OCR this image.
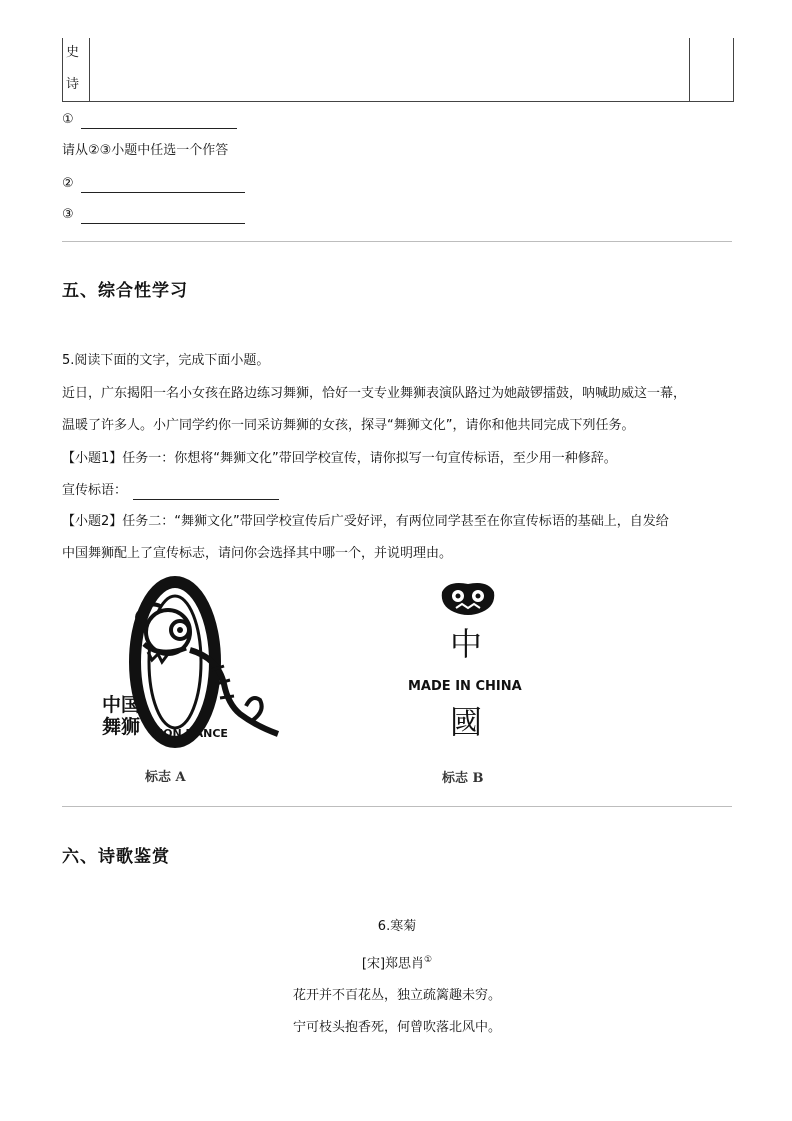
史
诗
①
请从②③小题中任选一个作答
②
③
五、综合性学习
5.阅读下面的文字，完成下面小题。
近日，广东揭阳一名小女孩在路边练习舞狮，恰好一支专业舞狮表演队路过为她敲锣擂鼓，呐喊助威这一幕，
温暖了许多人。小广同学约你一同采访舞狮的女孩，探寻“舞狮文化”，请你和他共同完成下列任务。
【小题1】任务一：你想将“舞狮文化”带回学校宣传，请你拟写一句宣传标语，至少用一种修辞。
宣传标语：
【小题2】任务二：“舞狮文化”带回学校宣传后广受好评，有两位同学甚至在你宣传标语的基础上，自发给
中国舞狮配上了宣传标志，请问你会选择其中哪一个，并说明理由。
中国
舞狮 LION DANCE
标志 A
中
MADE IN CHINA
國
标志 B
六、诗歌鉴赏
6.寒菊
[宋]郑思肖①
花开并不百花丛，独立疏篱趣未穷。
宁可枝头抱香死，何曾吹落北风中。
